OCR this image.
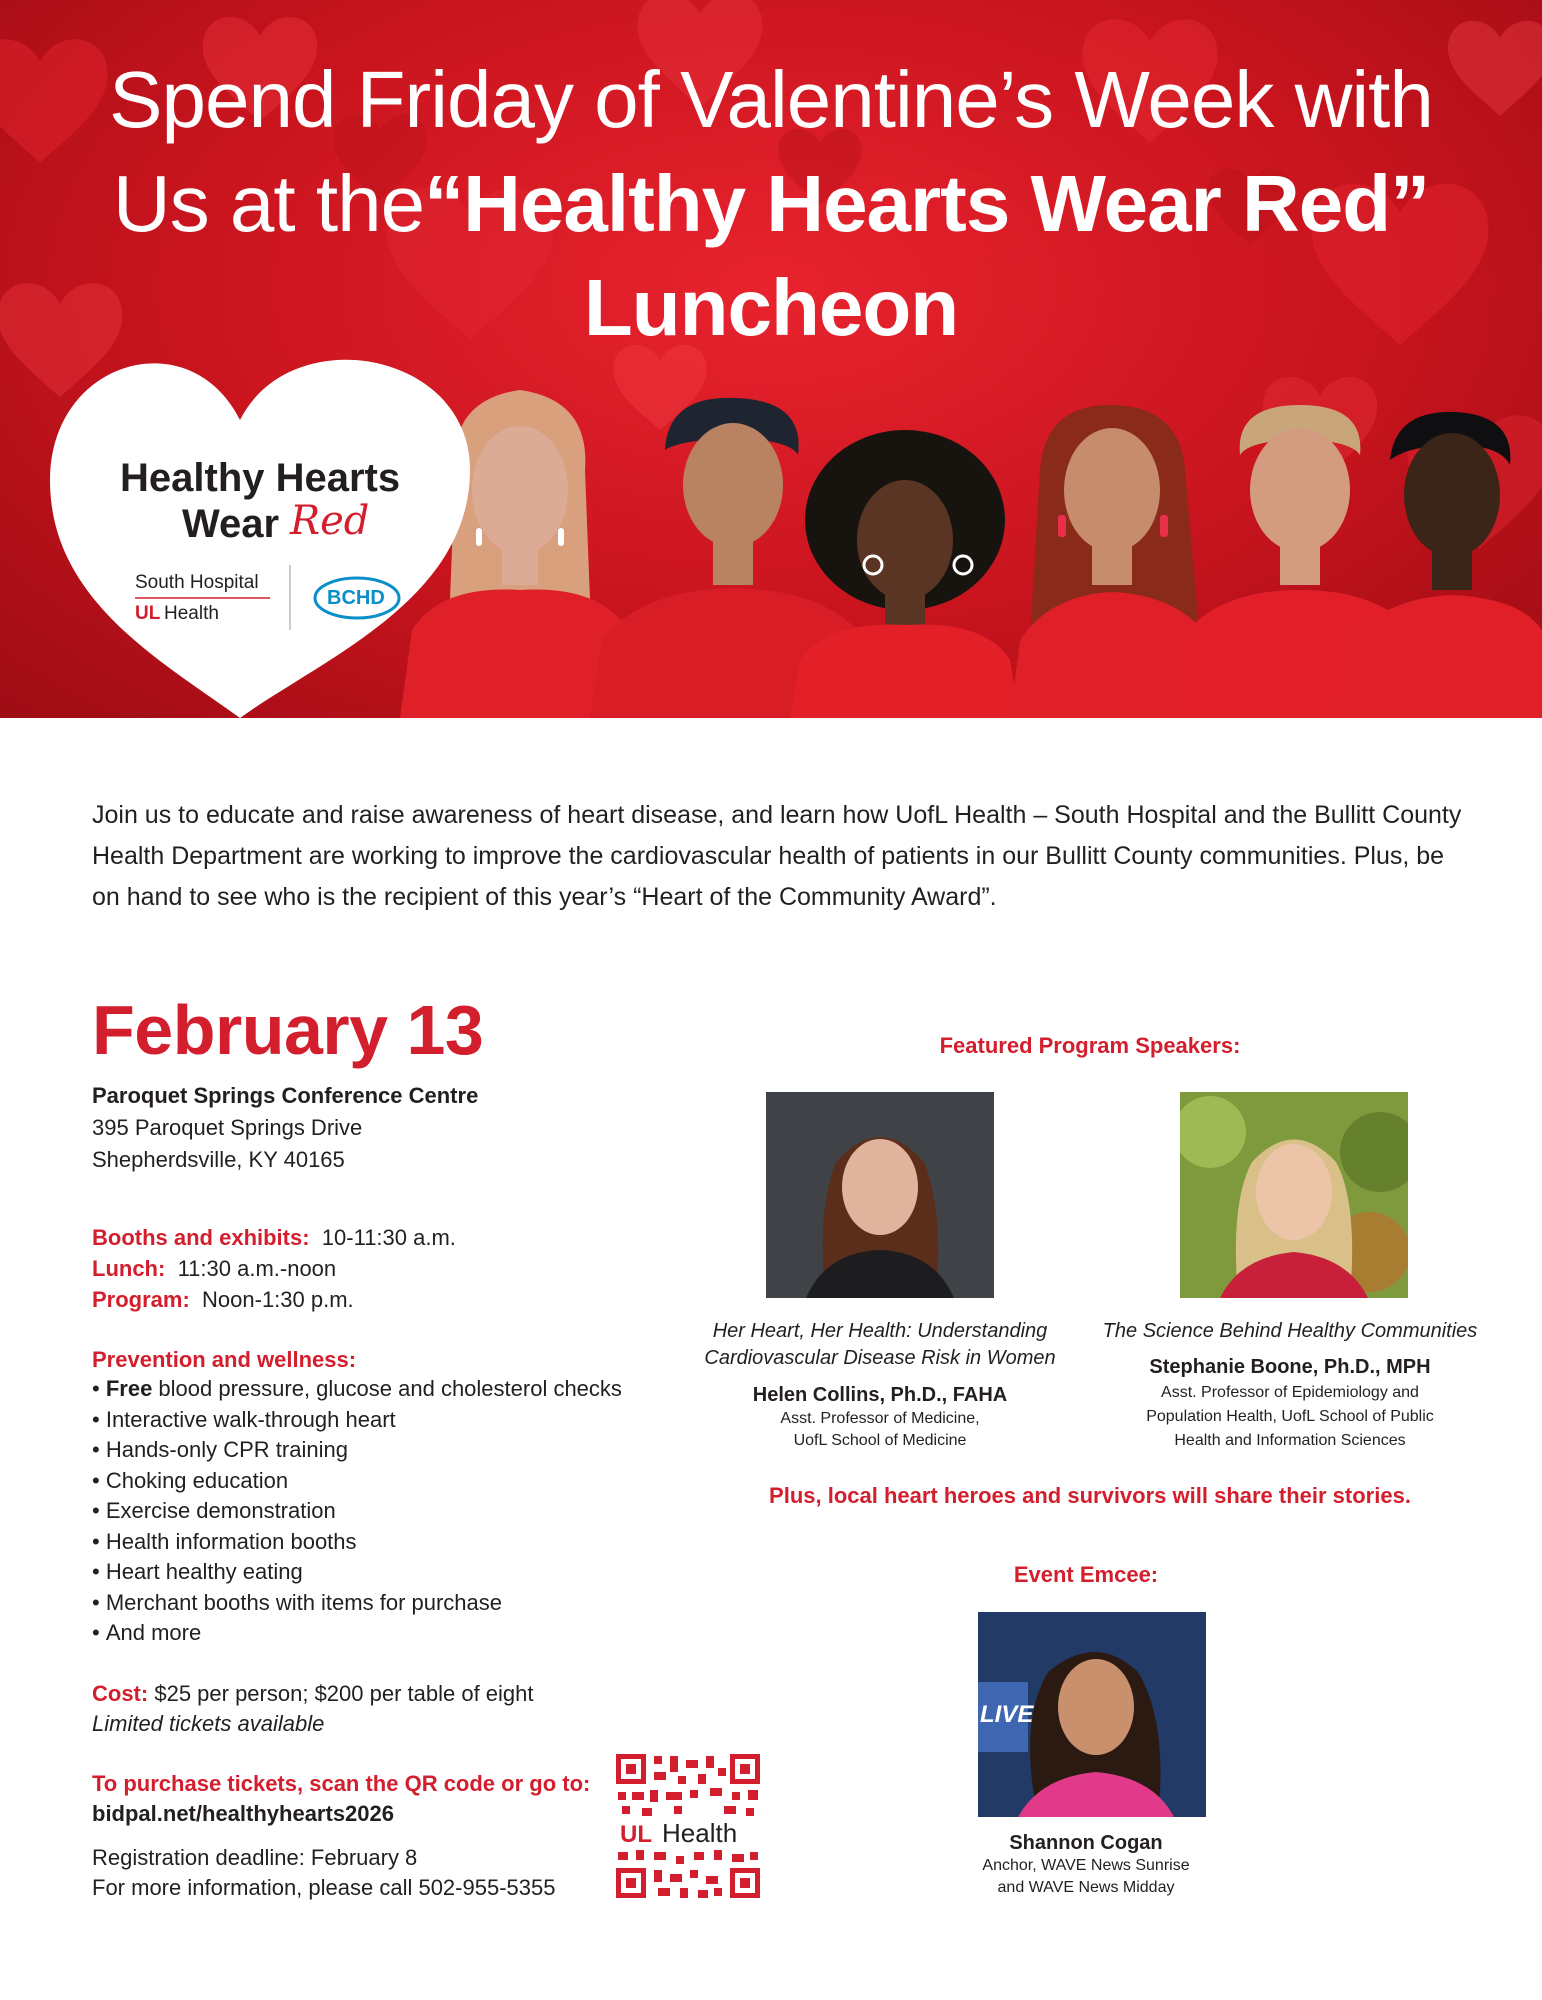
Spend Friday of Valentine’s Week with
Us at the“Healthy Hearts Wear Red”
Luncheon
Healthy Hearts
Wear Red
South Hospital
UL Health
BCHD
Join us to educate and raise awareness of heart disease, and learn how UofL Health – South Hospital and the Bullitt County Health Department are working to improve the cardiovascular health of patients in our Bullitt County communities. Plus, be on hand to see who is the recipient of this year’s “Heart of the Community Award”.
February 13
Paroquet Springs Conference Centre
395 Paroquet Springs Drive
Shepherdsville, KY 40165
Booths and exhibits: 10-11:30 a.m.
Lunch: 11:30 a.m.-noon
Program: Noon-1:30 p.m.
Prevention and wellness:
• Free blood pressure, glucose and cholesterol checks
• Interactive walk-through heart
• Hands-only CPR training
• Choking education
• Exercise demonstration
• Health information booths
• Heart healthy eating
• Merchant booths with items for purchase
• And more
Cost: $25 per person; $200 per table of eight
Limited tickets available
To purchase tickets, scan the QR code or go to:
bidpal.net/healthyhearts2026
Registration deadline: February 8
For more information, please call 502-955-5355
UL Health
Featured Program Speakers:
Her Heart, Her Health: Understanding
Cardiovascular Disease Risk in Women
Helen Collins, Ph.D., FAHA
Asst. Professor of Medicine,
UofL School of Medicine
The Science Behind Healthy Communities
Stephanie Boone, Ph.D., MPH
Asst. Professor of Epidemiology and
Population Health, UofL School of Public
Health and Information Sciences
Plus, local heart heroes and survivors will share their stories.
Event Emcee:
LIVE
Shannon Cogan
Anchor, WAVE News Sunrise
and WAVE News Midday
